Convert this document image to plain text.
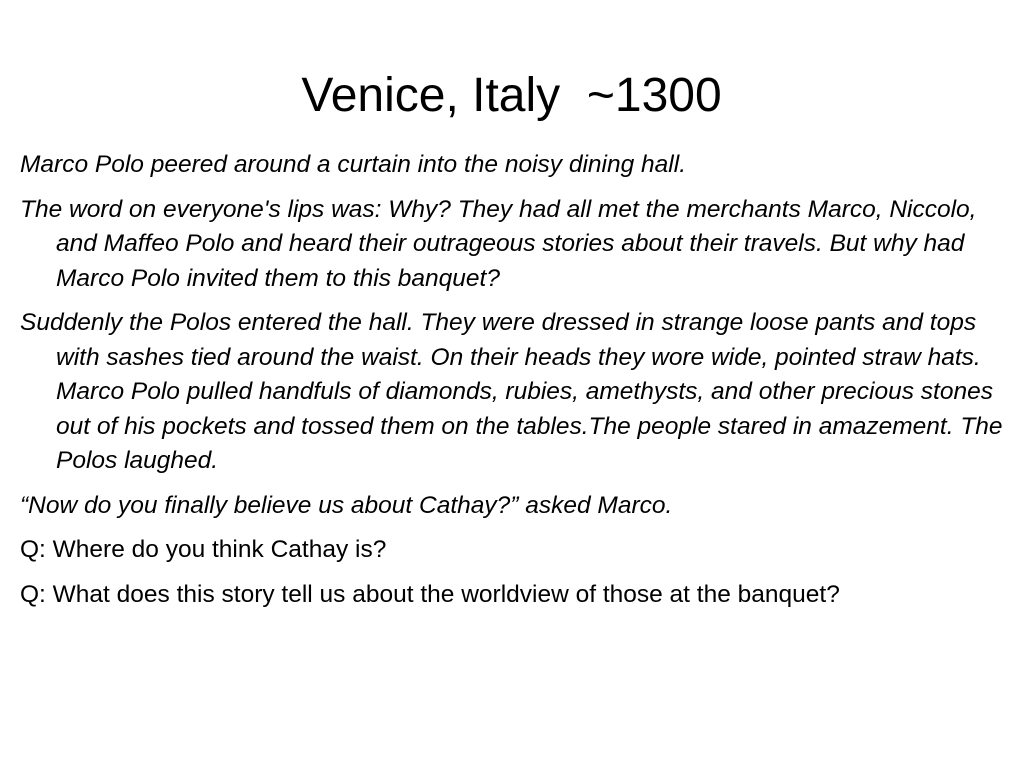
Venice, Italy  ~1300

Marco Polo peered around a curtain into the noisy dining hall.

The word on everyone's lips was: Why? They had all met the merchants Marco, Niccolo, and Maffeo Polo and heard their outrageous stories about their travels. But why had Marco Polo invited them to this banquet?

Suddenly the Polos entered the hall. They were dressed in strange loose pants and tops with sashes tied around the waist. On their heads they wore wide, pointed straw hats. Marco Polo pulled handfuls of diamonds, rubies, amethysts, and other precious stones out of his pockets and tossed them on the tables.The people stared in amazement. The Polos laughed.

“Now do you finally believe us about Cathay?” asked Marco.

Q: Where do you think Cathay is?

Q: What does this story tell us about the worldview of those at the banquet?
